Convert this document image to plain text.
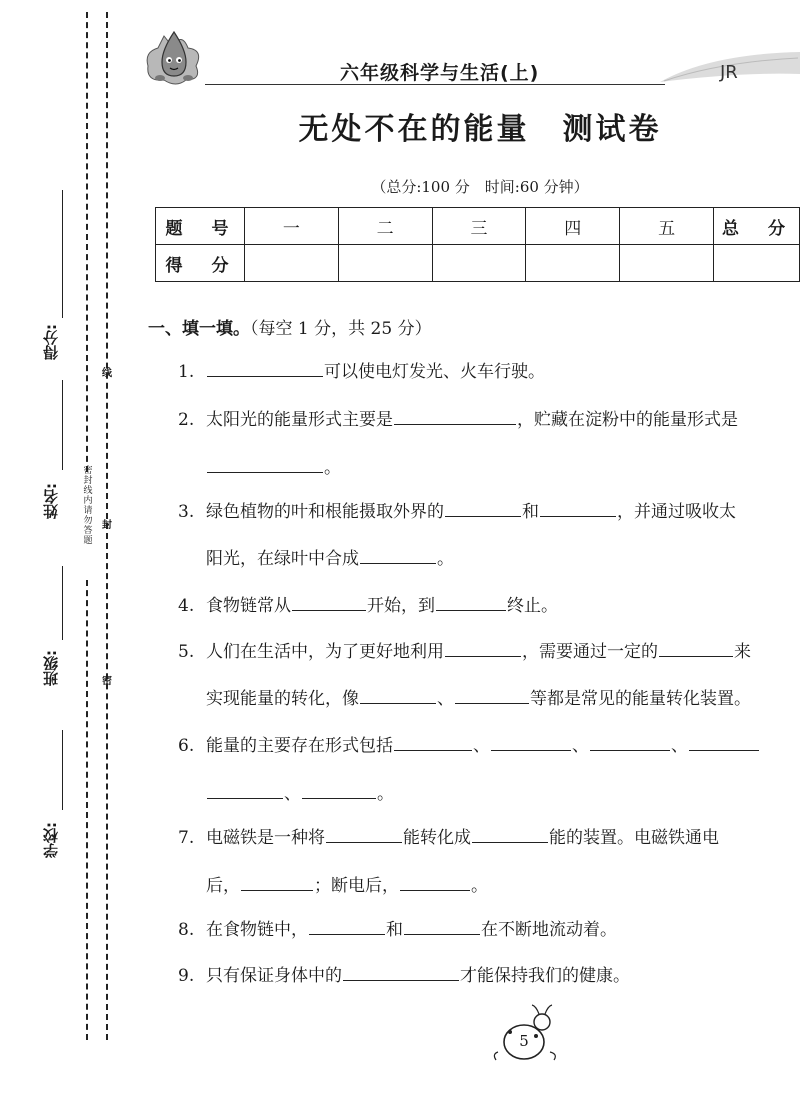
密封线内请勿答题
线
封
密
得分:
姓名:
班级:
学校:
六年级科学与生活(上)	JR
无处不在的能量　测试卷
（总分:100 分　时间:60 分钟）
题　号	一	二	三	四	五	总　分
得　分						
一、填一填。（每空 1 分，共 25 分）
1.	可以使电灯发光、火车行驶。
2. 太阳光的能量形式主要是	，贮藏在淀粉中的能量形式是
。
3. 绿色植物的叶和根能摄取外界的	和	，并通过吸收太
阳光，在绿叶中合成	。
4. 食物链常从	开始，到	终止。
5. 人们在生活中，为了更好地利用	，需要通过一定的	来
实现能量的转化，像	、	等都是常见的能量转化装置。
6. 能量的主要存在形式包括	、	、	、
、	。
7. 电磁铁是一种将	能转化成	能的装置。电磁铁通电
后，	；断电后，	。
8. 在食物链中，	和	在不断地流动着。
9. 只有保证身体中的	才能保持我们的健康。
5
